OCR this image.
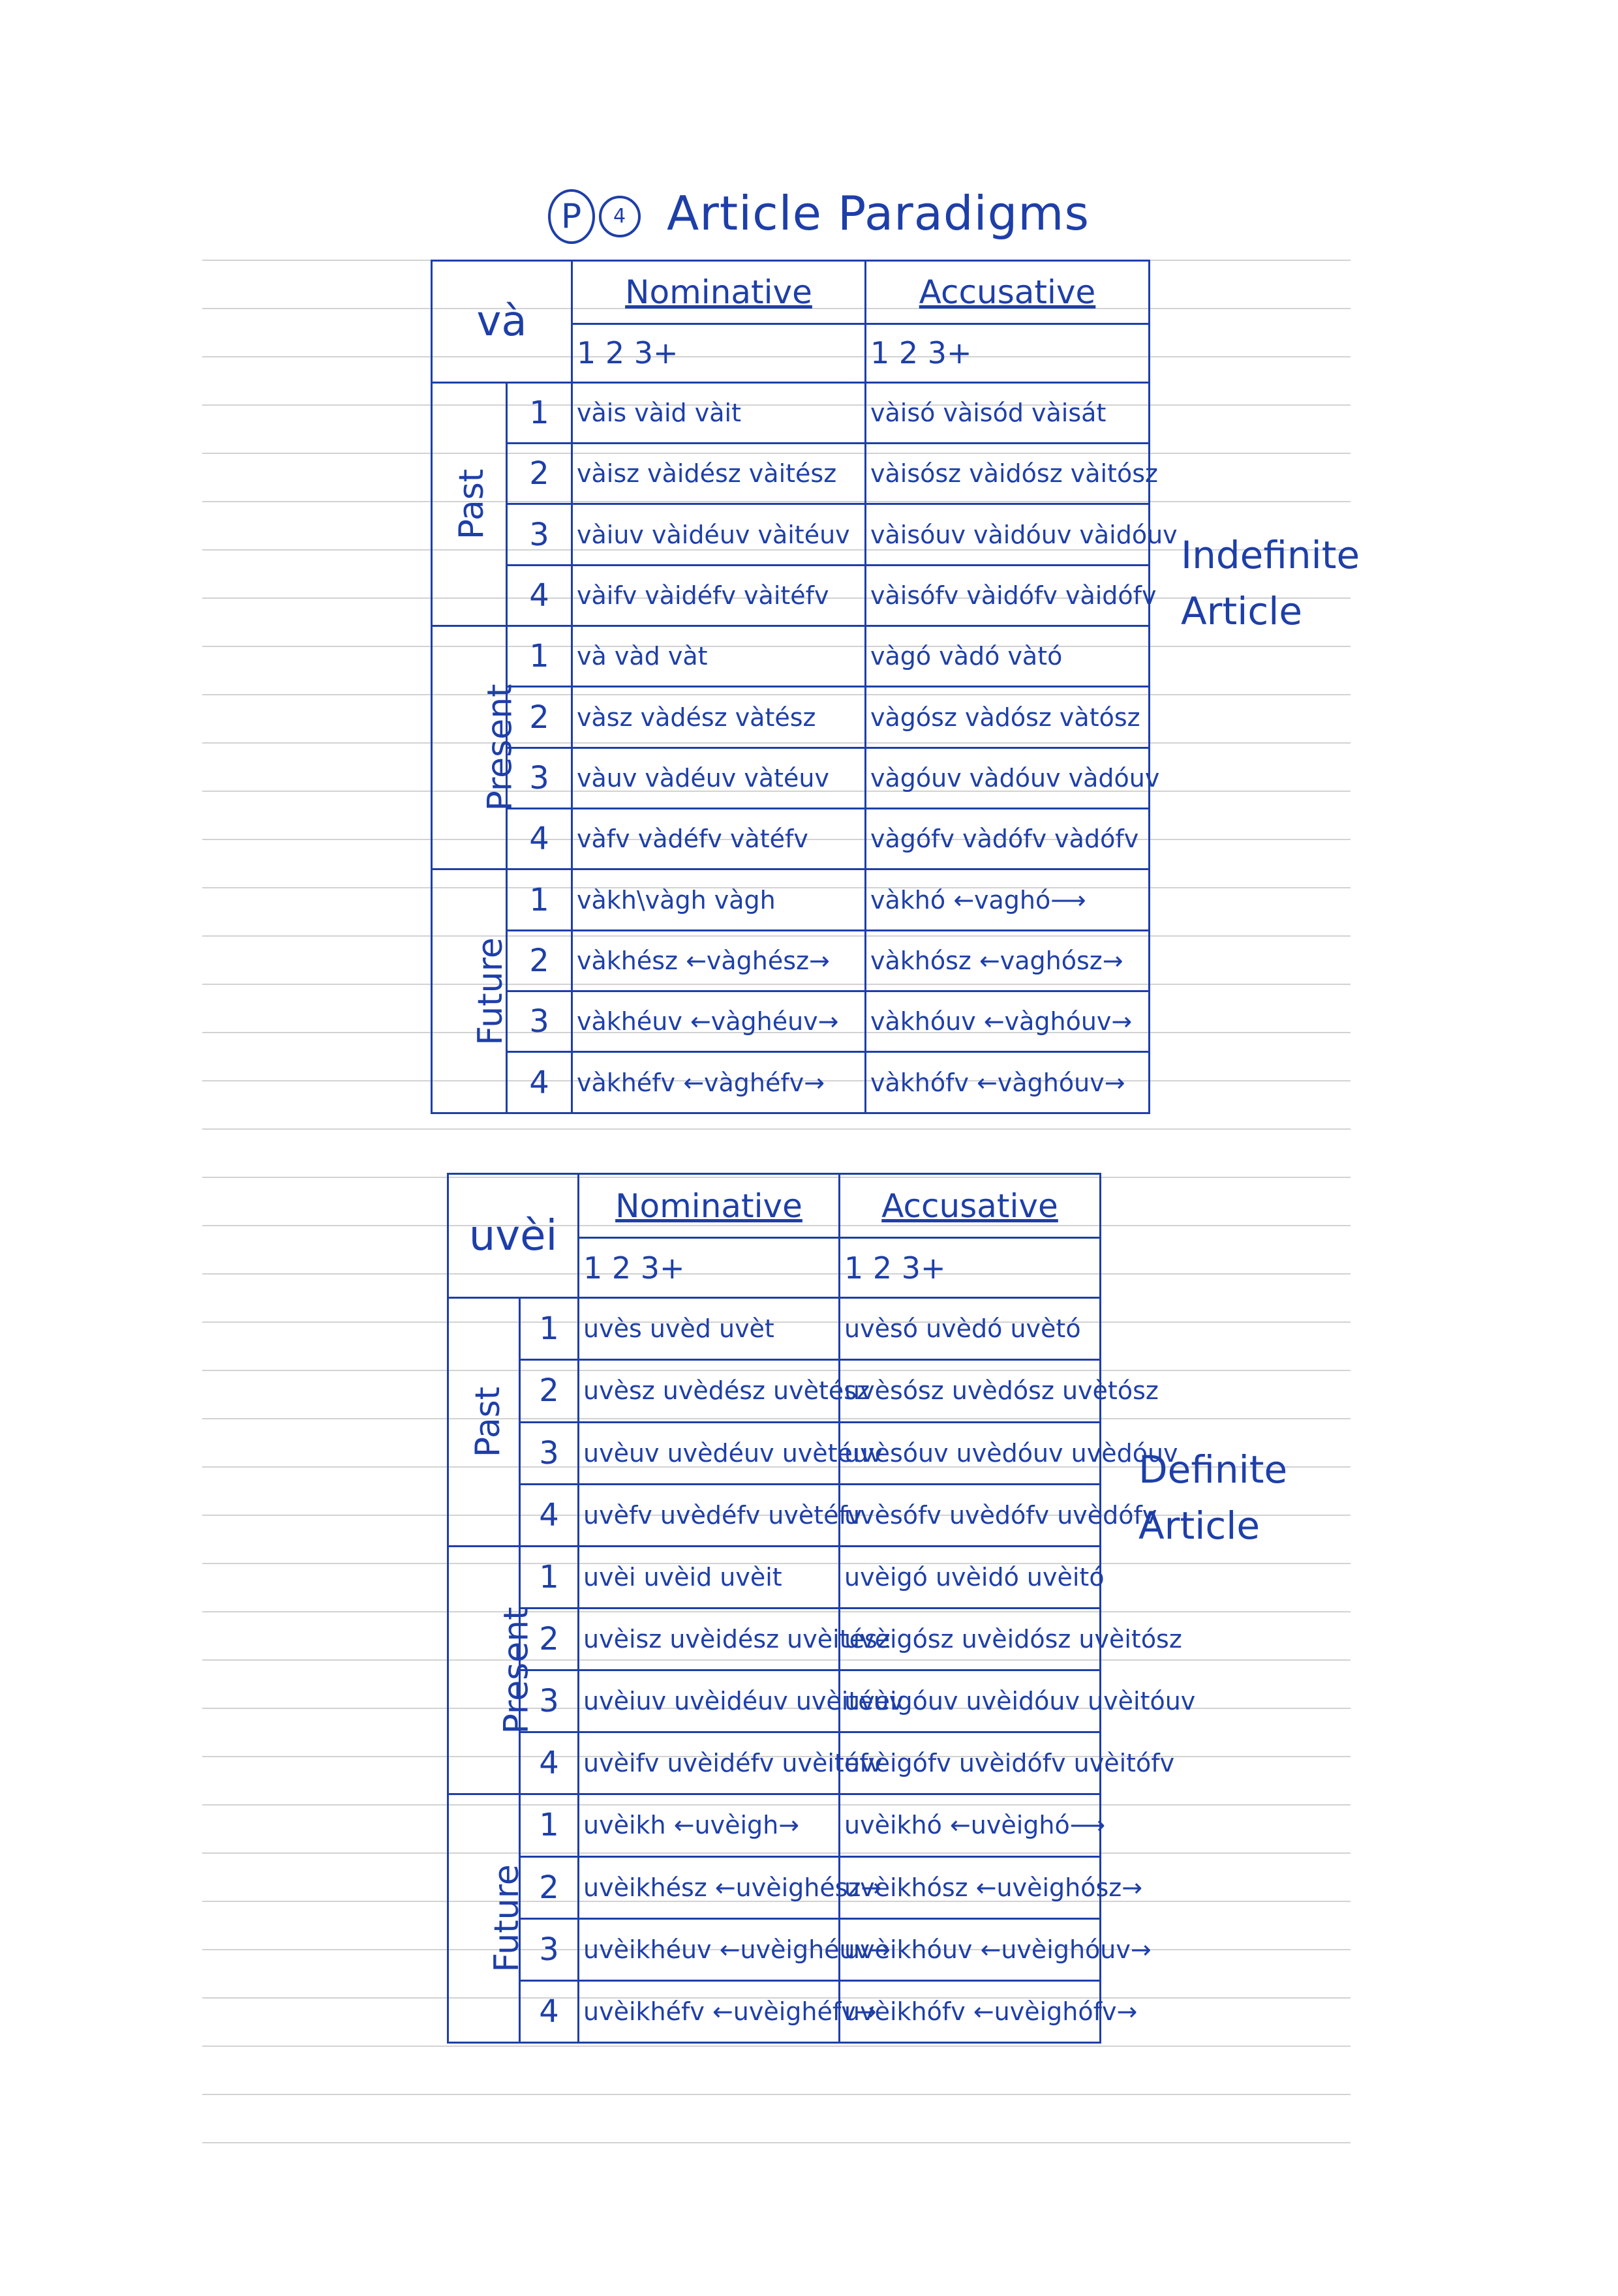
P 4 Article Paradigms
và		Nominative	Accusative
		1 2 3+	1 2 3+
Past	1	vàis vàid vàit	vàisó vàisód vàisát
	2	vàisz vàidész vàitész	vàisósz vàidósz vàitósz
	3	vàiuv vàidéuv vàitéuv	vàisóuv vàidóuv vàidóuv
	4	vàifv vàidéfv vàitéfv	vàisófv vàidófv vàidófv
Present	1	và vàd vàt	vàgó vàdó vàtó
	2	vàsz vàdész vàtész	vàgósz vàdósz vàtósz
	3	vàuv vàdéuv vàtéuv	vàgóuv vàdóuv vàdóuv
	4	vàfv vàdéfv vàtéfv	vàgófv vàdófv vàdófv
Future	1	vàkh\vàgh vàgh	vàkhó ←vaghó⟶
	2	vàkhész ←vàghész→	vàkhósz ←vaghósz→
	3	vàkhéuv ←vàghéuv→	vàkhóuv ←vàghóuv→
	4	vàkhéfv ←vàghéfv→	vàkhófv ←vàghóuv→
Indefinite
Article
uvèi		Nominative	Accusative
		1 2 3+	1 2 3+
Past	1	uvès uvèd uvèt	uvèsó uvèdó uvètó
	2	uvèsz uvèdész uvètész	uvèsósz uvèdósz uvètósz
	3	uvèuv uvèdéuv uvètéuv	uvèsóuv uvèdóuv uvèdóuv
	4	uvèfv uvèdéfv uvètéfv	uvèsófv uvèdófv uvèdófv
Present	1	uvèi uvèid uvèit	uvèigó uvèidó uvèitó
	2	uvèisz uvèidész uvèitész	uvèigósz uvèidósz uvèitósz
	3	uvèiuv uvèidéuv uvèitéuv	uvèigóuv uvèidóuv uvèitóuv
	4	uvèifv uvèidéfv uvèitéfv	uvèigófv uvèidófv uvèitófv
Future	1	uvèikh ←uvèigh→	uvèikhó ←uvèighó⟶
	2	uvèikhész ←uvèighész→	uvèikhósz ←uvèighósz→
	3	uvèikhéuv ←uvèighéuv→	uvèikhóuv ←uvèighóuv→
	4	uvèikhéfv ←uvèighéfv→	uvèikhófv ←uvèighófv→
Definite
Article
